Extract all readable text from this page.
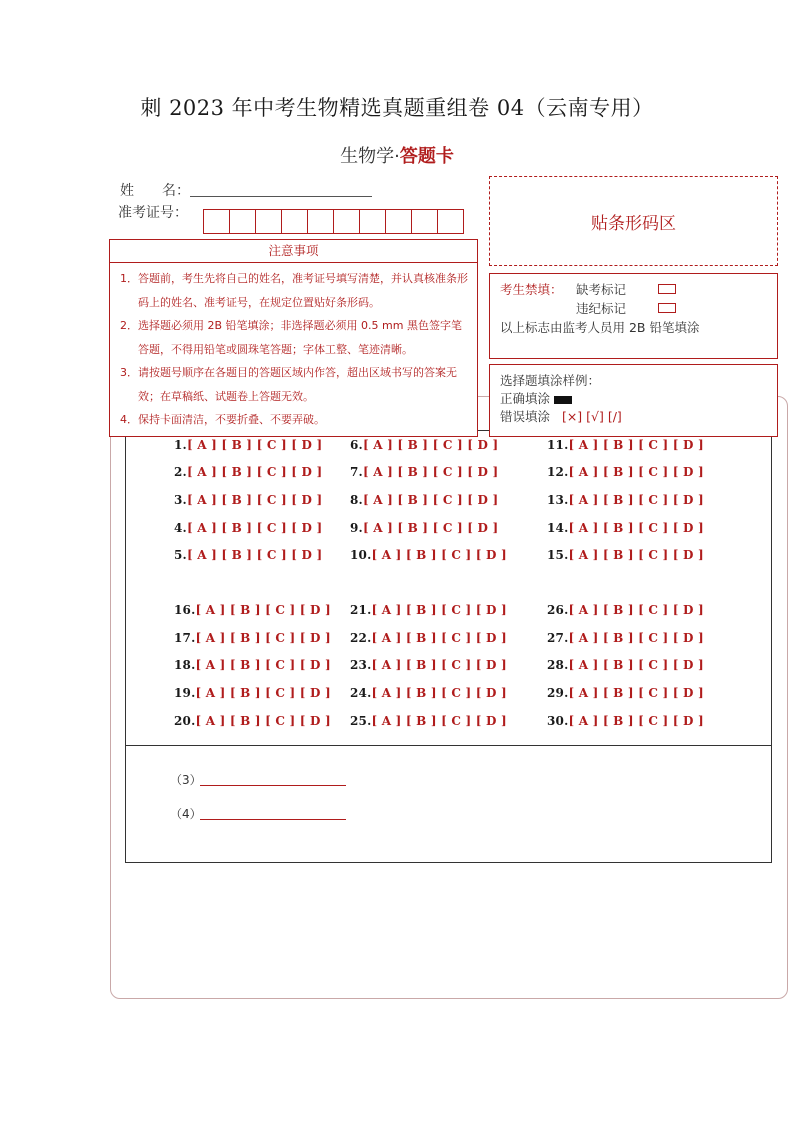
刺 2023 年中考生物精选真题重组卷 04（云南专用）
生物学·答题卡
姓　　名：
准考证号：
贴条形码区
注意事项
1．答题前，考生先将自己的姓名，准考证号填写清楚，并认真核准条形码上的姓名、准考证号，在规定位置贴好条形码。
2．选择题必须用 2B 铅笔填涂；非选择题必须用 0.5 mm 黑色签字笔答题，不得用铅笔或圆珠笔答题；字体工整、笔迹清晰。
3．请按题号顺序在各题目的答题区域内作答，超出区域书写的答案无效；在草稿纸、试题卷上答题无效。
4．保持卡面清洁，不要折叠、不要弄破。
考生禁填： 缺考标记
违纪标记
以上标志由监考人员用 2B 铅笔填涂
选择题填涂样例：
正确填涂
错误填涂 [×] [√] [/]
1.[ A ] [ B ] [ C ] [ D ]
2.[ A ] [ B ] [ C ] [ D ]
3.[ A ] [ B ] [ C ] [ D ]
4.[ A ] [ B ] [ C ] [ D ]
5.[ A ] [ B ] [ C ] [ D ]
6.[ A ] [ B ] [ C ] [ D ]
7.[ A ] [ B ] [ C ] [ D ]
8.[ A ] [ B ] [ C ] [ D ]
9.[ A ] [ B ] [ C ] [ D ]
10.[ A ] [ B ] [ C ] [ D ]
11.[ A ] [ B ] [ C ] [ D ]
12.[ A ] [ B ] [ C ] [ D ]
13.[ A ] [ B ] [ C ] [ D ]
14.[ A ] [ B ] [ C ] [ D ]
15.[ A ] [ B ] [ C ] [ D ]
16.[ A ] [ B ] [ C ] [ D ]
17.[ A ] [ B ] [ C ] [ D ]
18.[ A ] [ B ] [ C ] [ D ]
19.[ A ] [ B ] [ C ] [ D ]
20.[ A ] [ B ] [ C ] [ D ]
21.[ A ] [ B ] [ C ] [ D ]
22.[ A ] [ B ] [ C ] [ D ]
23.[ A ] [ B ] [ C ] [ D ]
24.[ A ] [ B ] [ C ] [ D ]
25.[ A ] [ B ] [ C ] [ D ]
26.[ A ] [ B ] [ C ] [ D ]
27.[ A ] [ B ] [ C ] [ D ]
28.[ A ] [ B ] [ C ] [ D ]
29.[ A ] [ B ] [ C ] [ D ]
30.[ A ] [ B ] [ C ] [ D ]
（3）
（4）
